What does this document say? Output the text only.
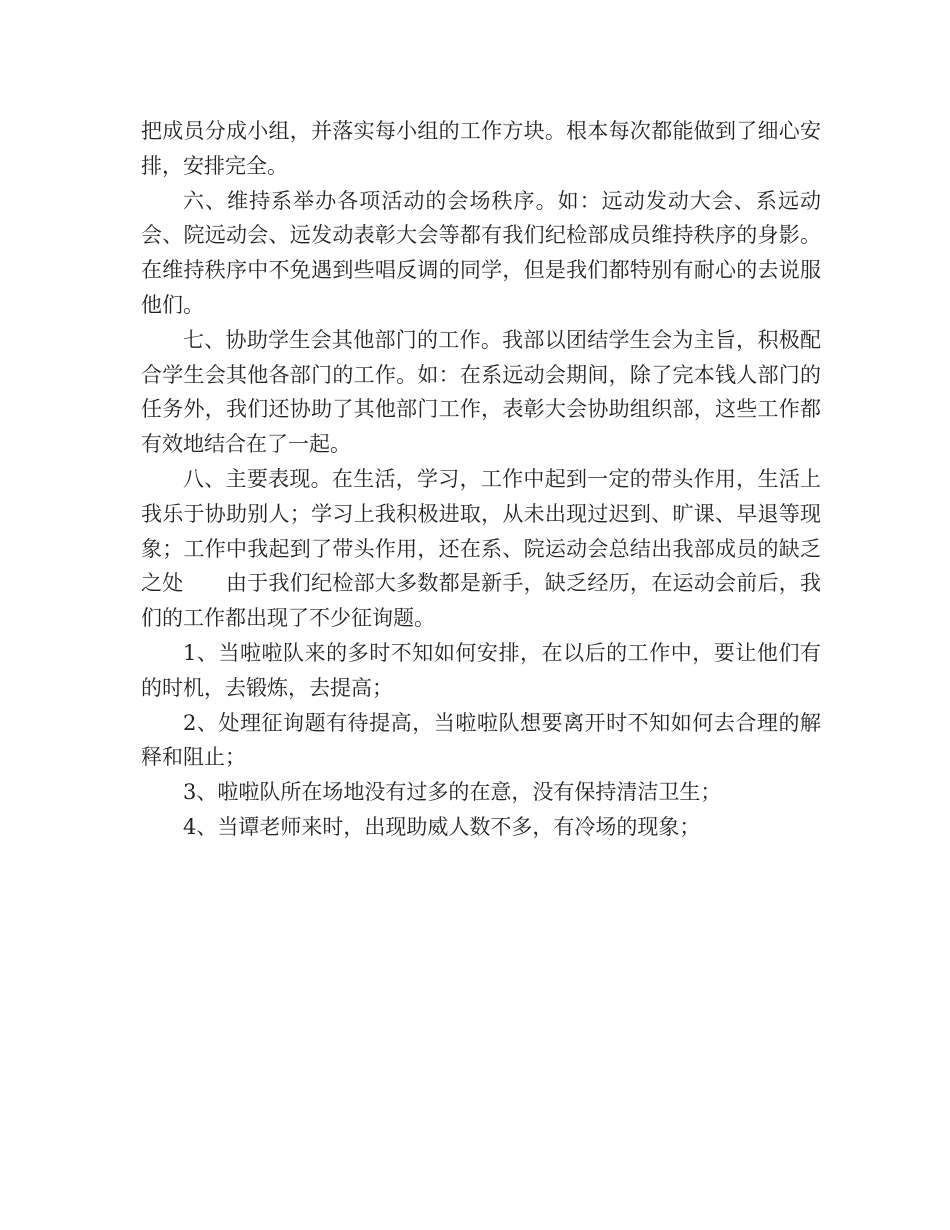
把成员分成小组，并落实每小组的工作方块。根本每次都能做到了细心安排，安排完全。

六、维持系举办各项活动的会场秩序。如：远动发动大会、系远动会、院远动会、远发动表彰大会等都有我们纪检部成员维持秩序的身影。在维持秩序中不免遇到些唱反调的同学，但是我们都特别有耐心的去说服他们。

七、协助学生会其他部门的工作。我部以团结学生会为主旨，积极配合学生会其他各部门的工作。如：在系远动会期间，除了完本钱人部门的任务外，我们还协助了其他部门工作，表彰大会协助组织部，这些工作都有效地结合在了一起。

八、主要表现。在生活，学习，工作中起到一定的带头作用，生活上我乐于协助别人；学习上我积极进取，从未出现过迟到、旷课、早退等现象；工作中我起到了带头作用，还在系、院运动会总结出我部成员的缺乏之处　　由于我们纪检部大多数都是新手，缺乏经历，在运动会前后，我们的工作都出现了不少征询题。

1、当啦啦队来的多时不知如何安排，在以后的工作中，要让他们有的时机，去锻炼，去提高；

2、处理征询题有待提高，当啦啦队想要离开时不知如何去合理的解释和阻止；

3、啦啦队所在场地没有过多的在意，没有保持清洁卫生；

4、当谭老师来时，出现助威人数不多，有冷场的现象；
